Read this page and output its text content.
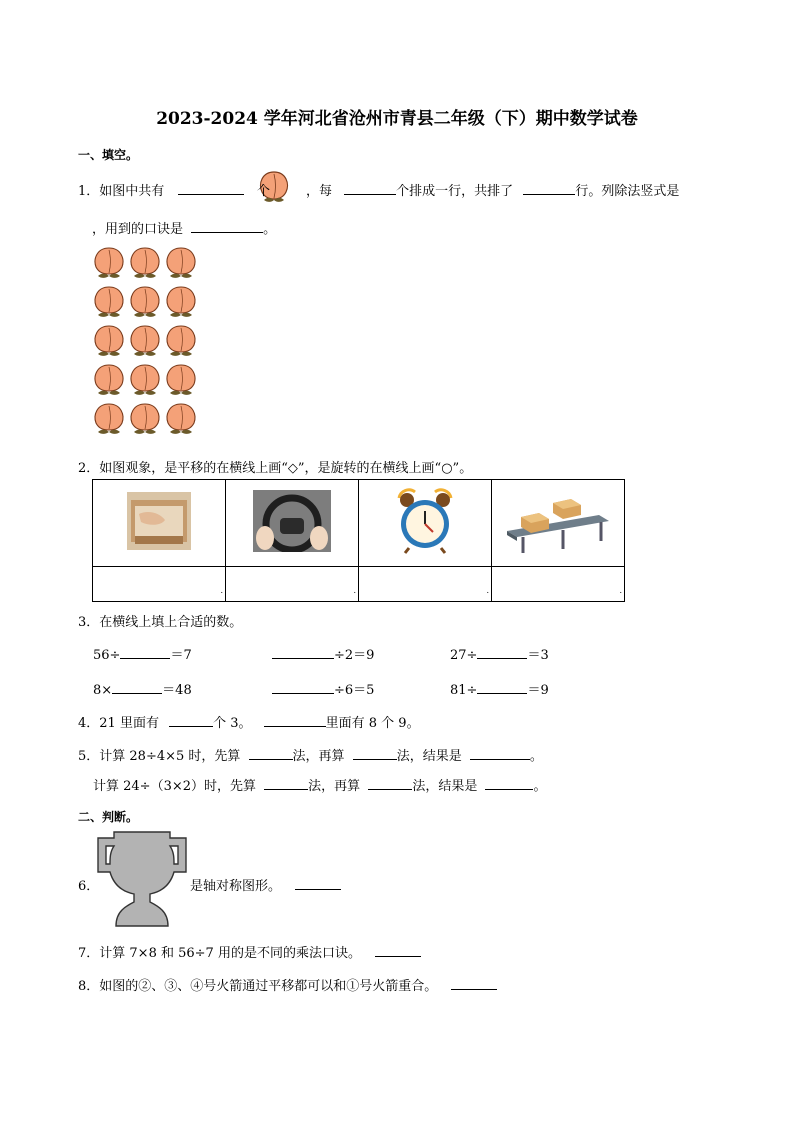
2023-2024 学年河北省沧州市青县二年级（下）期中数学试卷
一、填空。
1．如图中共有	个	，每	个排成一行，共排了	行。列除法竖式是
，用到的口诀是	。
2．如图观象，是平移的在横线上画“◇”，是旋转的在横线上画“○”。

.	.	.	.
3．在横线上填上合适的数。
56÷	＝7	÷2＝9	27÷	＝3
8×	＝48	÷6＝5	81÷	＝9
4．21 里面有	个 3。	里面有 8 个 9。
5．计算 28÷4×5 时，先算	法，再算	法，结果是	。
计算 24÷（3×2）时，先算	法，再算	法，结果是	。
二、判断。
6．	是轴对称图形。
7．计算 7×8 和 56÷7 用的是不同的乘法口诀。
8．如图的②、③、④号火箭通过平移都可以和①号火箭重合。
